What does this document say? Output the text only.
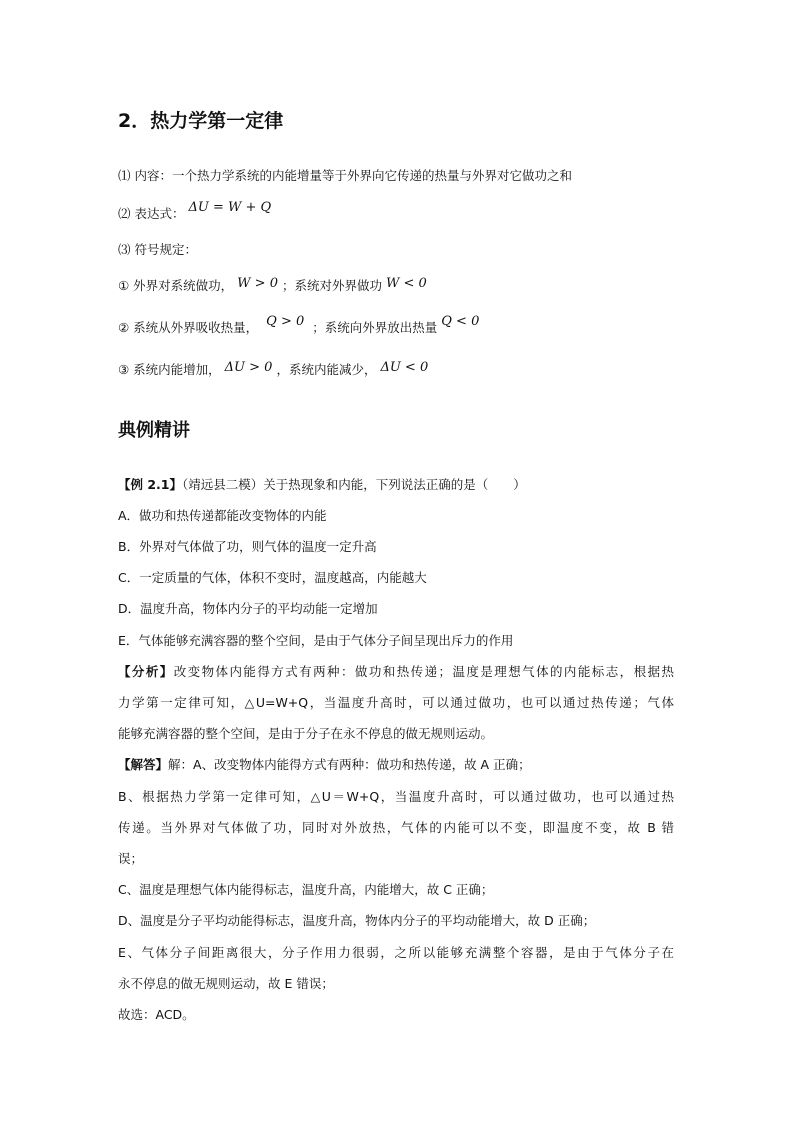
2．热力学第一定律
⑴ 内容：一个热力学系统的内能增量等于外界向它传递的热量与外界对它做功之和
⑵ 表达式： ΔU = W + Q
⑶ 符号规定：
① 外界对系统做功， W > 0 ；系统对外界做功 W < 0
② 系统从外界吸收热量， Q > 0 ；系统向外界放出热量 Q < 0
③ 系统内能增加， ΔU > 0 ，系统内能减少， ΔU < 0
典例精讲
【例 2.1】（靖远县二模）关于热现象和内能，下列说法正确的是（　　）
A．做功和热传递都能改变物体的内能
B．外界对气体做了功，则气体的温度一定升高
C．一定质量的气体，体积不变时，温度越高，内能越大
D．温度升高，物体内分子的平均动能一定增加
E．气体能够充满容器的整个空间，是由于气体分子间呈现出斥力的作用
【分析】改变物体内能得方式有两种：做功和热传递；温度是理想气体的内能标志，根据热
力学第一定律可知，△U=W+Q，当温度升高时，可以通过做功，也可以通过热传递；气体
能够充满容器的整个空间，是由于分子在永不停息的做无规则运动。
【解答】解：A、改变物体内能得方式有两种：做功和热传递，故 A 正确；
B、根据热力学第一定律可知，△U＝W+Q，当温度升高时，可以通过做功，也可以通过热
传递。当外界对气体做了功，同时对外放热，气体的内能可以不变，即温度不变，故 B 错
误；
C、温度是理想气体内能得标志，温度升高，内能增大，故 C 正确；
D、温度是分子平均动能得标志，温度升高，物体内分子的平均动能增大，故 D 正确；
E、气体分子间距离很大，分子作用力很弱，之所以能够充满整个容器，是由于气体分子在
永不停息的做无规则运动，故 E 错误；
故选：ACD。
